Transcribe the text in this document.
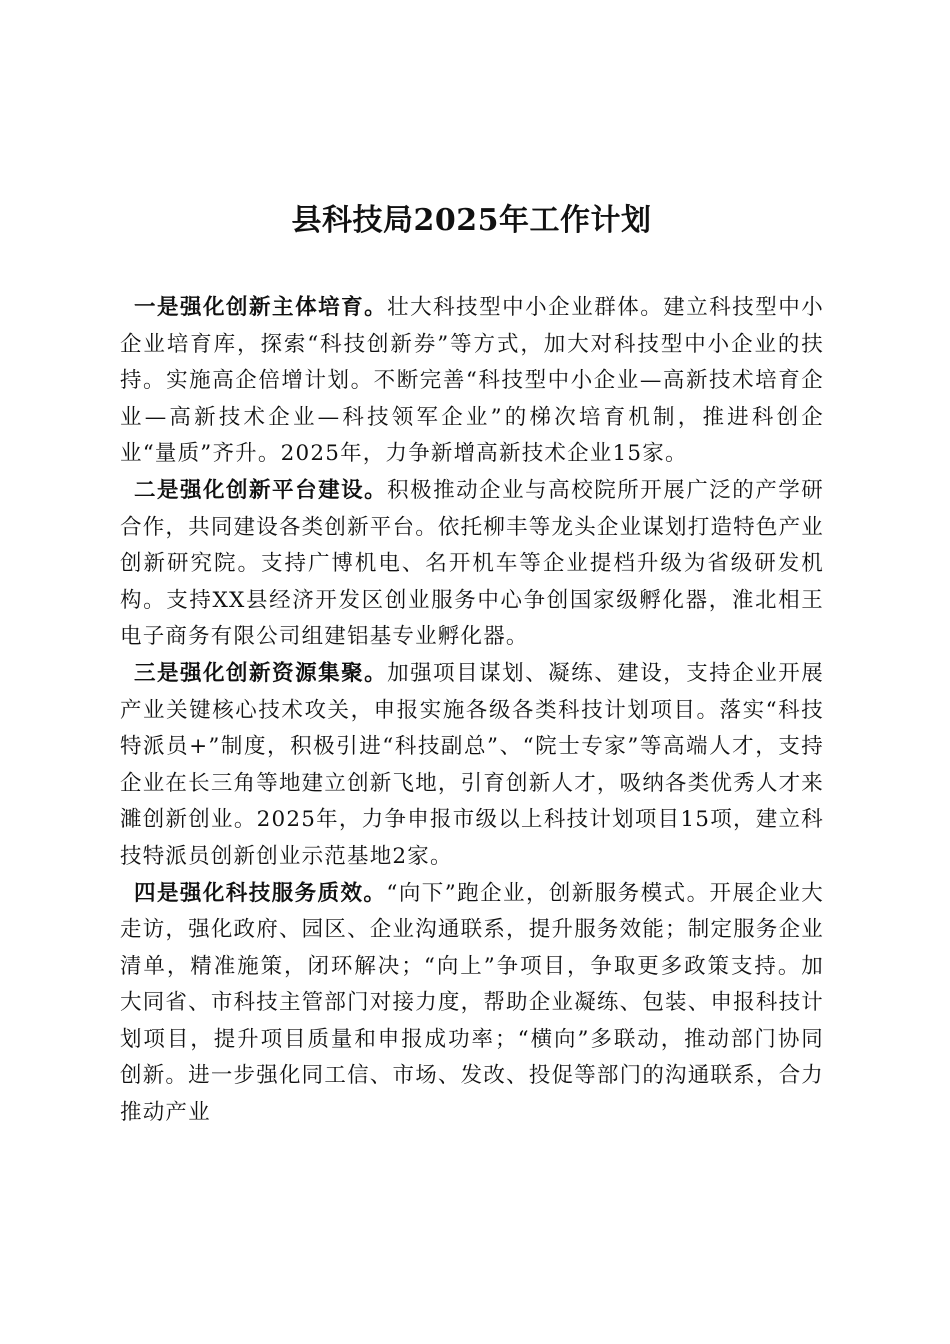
县科技局2025年工作计划

一是强化创新主体培育。壮大科技型中小企业群体。建立科技型中小企业培育库，探索“科技创新券”等方式，加大对科技型中小企业的扶持。实施高企倍增计划。不断完善“科技型中小企业—高新技术培育企业—高新技术企业—科技领军企业”的梯次培育机制，推进科创企业“量质”齐升。2025年，力争新增高新技术企业15家。

二是强化创新平台建设。积极推动企业与高校院所开展广泛的产学研合作，共同建设各类创新平台。依托柳丰等龙头企业谋划打造特色产业创新研究院。支持广博机电、名开机车等企业提档升级为省级研发机构。支持XX县经济开发区创业服务中心争创国家级孵化器，淮北相王电子商务有限公司组建铝基专业孵化器。

三是强化创新资源集聚。加强项目谋划、凝练、建设，支持企业开展产业关键核心技术攻关，申报实施各级各类科技计划项目。落实“科技特派员+”制度，积极引进“科技副总”、“院士专家”等高端人才，支持企业在长三角等地建立创新飞地，引育创新人才，吸纳各类优秀人才来濉创新创业。2025年，力争申报市级以上科技计划项目15项，建立科技特派员创新创业示范基地2家。

四是强化科技服务质效。“向下”跑企业，创新服务模式。开展企业大走访，强化政府、园区、企业沟通联系，提升服务效能；制定服务企业清单，精准施策，闭环解决；“向上”争项目，争取更多政策支持。加大同省、市科技主管部门对接力度，帮助企业凝练、包装、申报科技计划项目，提升项目质量和申报成功率；“横向”多联动，推动部门协同创新。进一步强化同工信、市场、发改、投促等部门的沟通联系，合力推动产业
